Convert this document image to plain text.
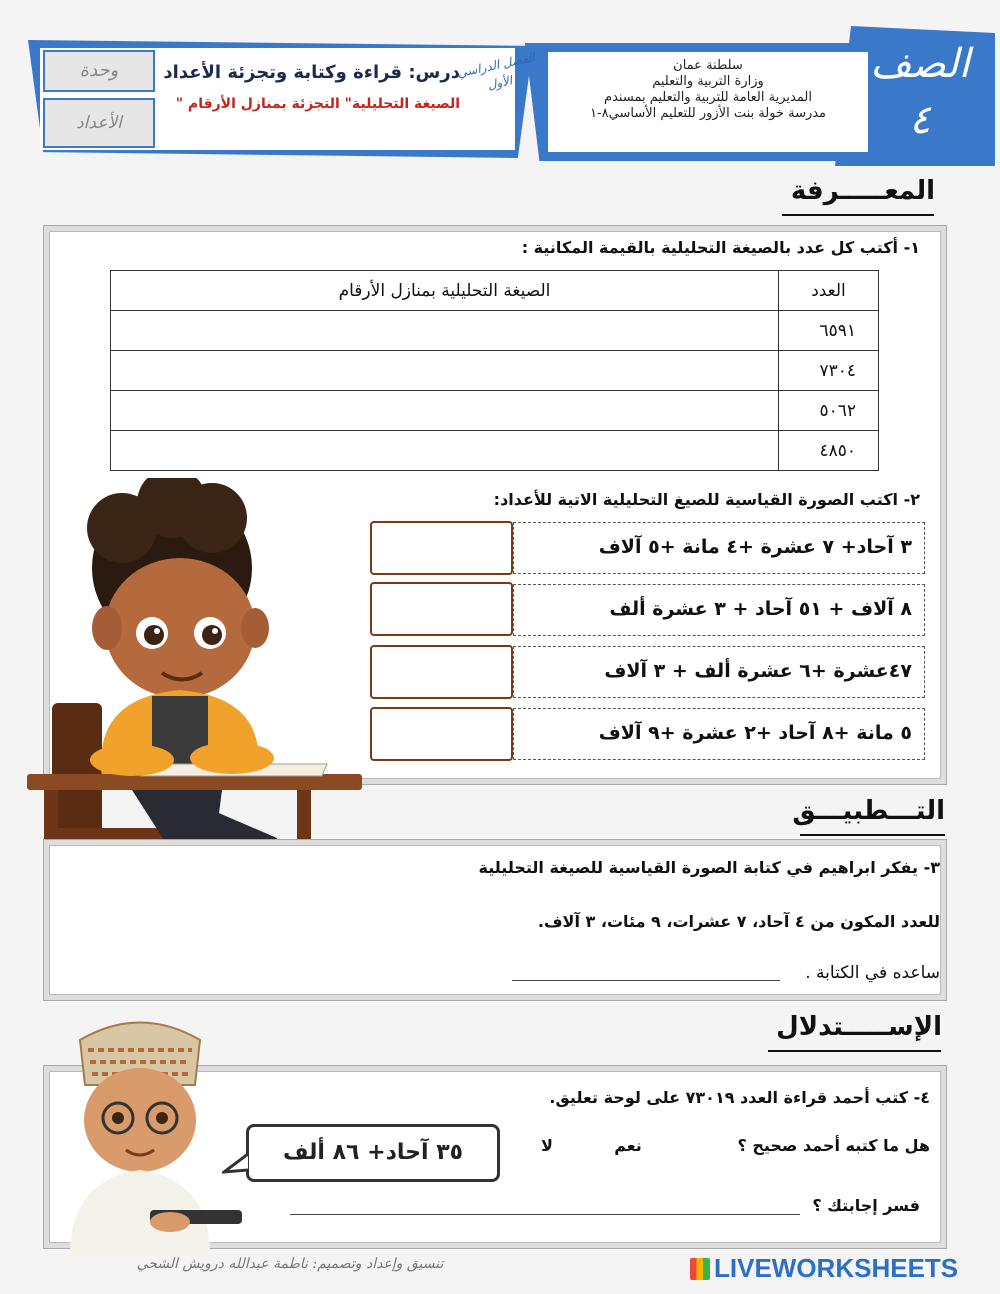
الصف ٤
سلطنة عمان
وزارة التربية والتعليم
المديرية العامة للتربية والتعليم بمسندم
مدرسة خولة بنت الأزور للتعليم الأساسي٨-١
وحدة
الأعداد
درس: قراءة وكتابة وتجزئة الأعداد
الصيغة التحليلية" التجزئة بمنازل الأرقام "
الفصل الدراسي الأول
المعـــــرفة
١- أكتب كل عدد بالصيغة التحليلية بالقيمة المكانية :
الصيغة التحليلية بمنازل الأرقام	العدد
	٦٥٩١
	٧٣٠٤
	٥٠٦٢
	٤٨٥٠
٢- اكتب الصورة القياسية للصيغ التحليلية الاتية للأعداد:
٣ آحاد+ ٧ عشرة +٤ مانة +٥ آلاف
٨ آلاف + ٥١ آحاد + ٣ عشرة ألف
٤٧عشرة +٦ عشرة ألف + ٣ آلاف
٥ مانة +٨ آحاد +٢ عشرة +٩ آلاف
التـــطبيـــق
٣- يفكر ابراهيم في كتابة الصورة القياسية للصيغة التحليلية
للعدد المكون من ٤ آحاد، ٧ عشرات، ٩ مئات، ٣ آلاف.
ساعده في الكتابة .
الإســـــتدلال
٤- كتب أحمد قراءة العدد ٧٣٠١٩ على لوحة تعليق.
هل ما كتبه أحمد صحيح ؟
نعم
لا
فسر إجابتك ؟
٣٥ آحاد+ ٨٦ ألف
تنسيق وإعداد وتصميم: ناطمة عبدالله درويش الشحي	LIVEWORKSHEETS
